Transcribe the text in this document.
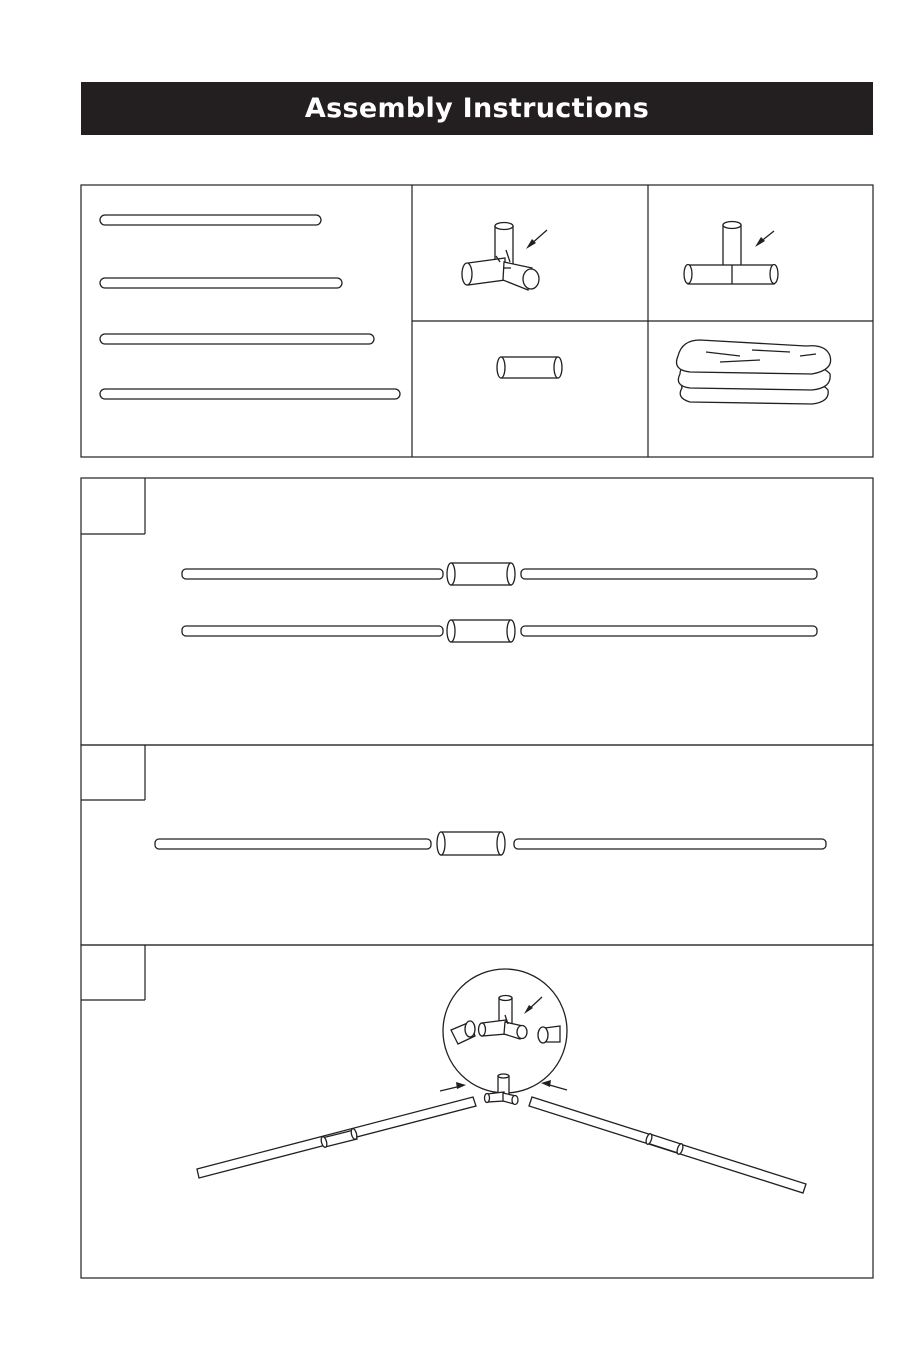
Assembly Instructions
